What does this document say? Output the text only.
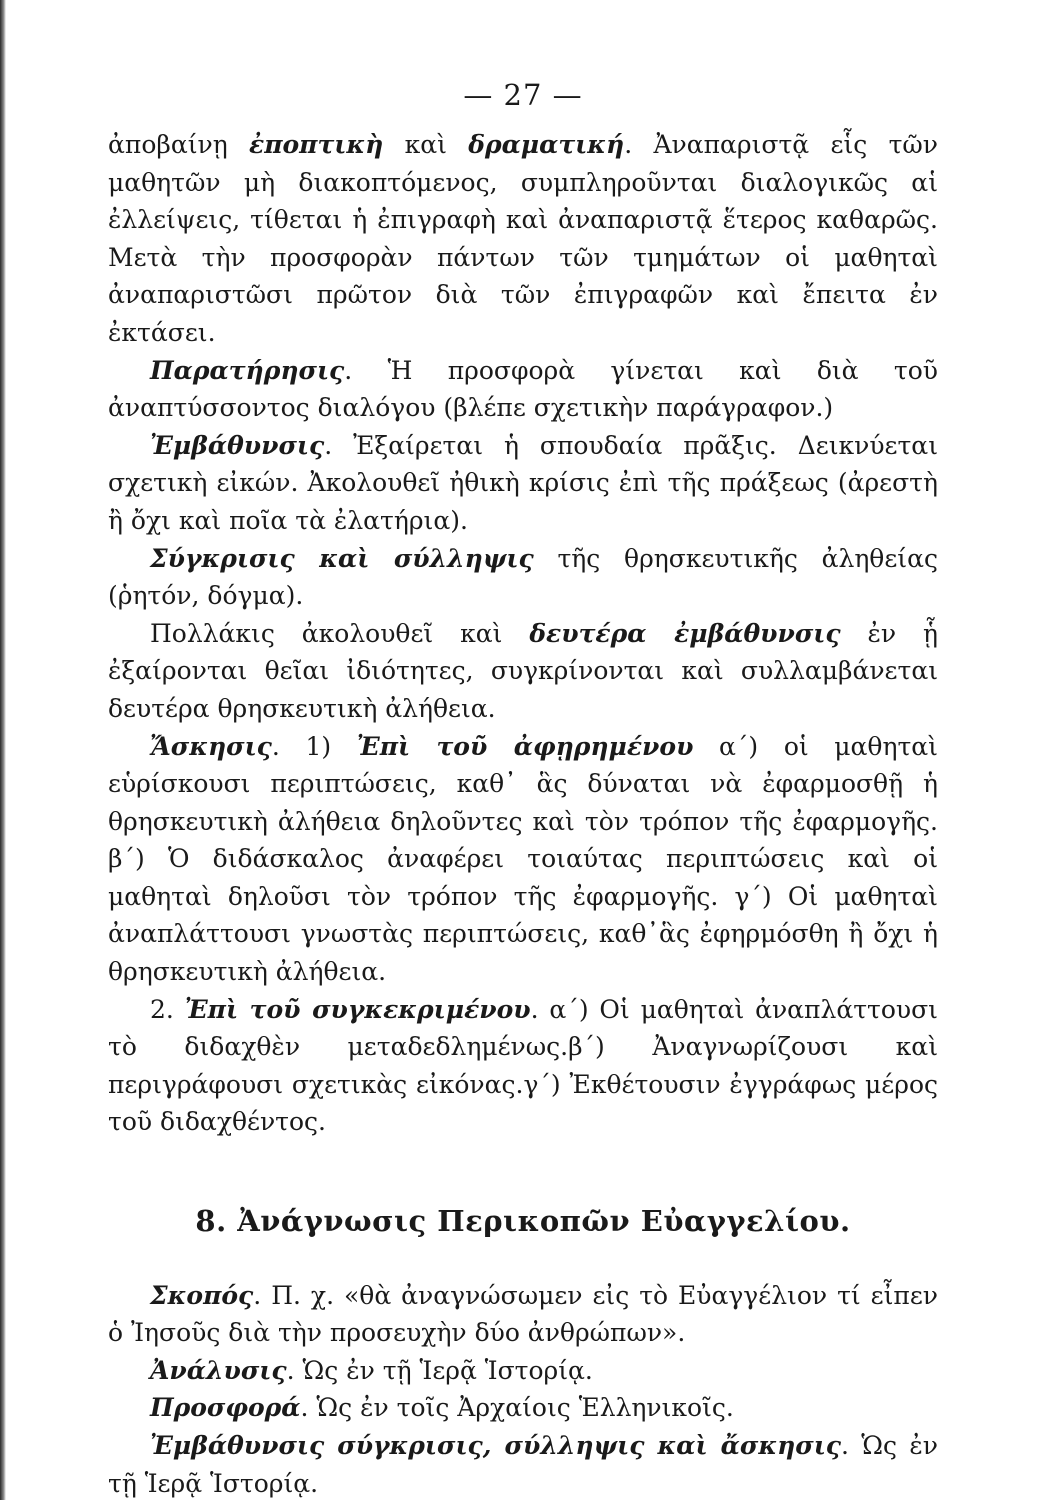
— 27 —

ἀποβαίνῃ ἐποπτικὴ καὶ δραματική. Ἀναπαριστᾷ εἷς τῶν μαθητῶν μὴ διακοπτόμενος, συμπληροῦνται διαλογικῶς αἱ ἐλλείψεις, τίθεται ἡ ἐπιγραφὴ καὶ ἀναπαριστᾷ ἕτερος καθαρῶς. Μετὰ τὴν προσφορὰν πάντων τῶν τμημάτων οἱ μαθηταὶ ἀναπαριστῶσι πρῶτον διὰ τῶν ἐπιγραφῶν καὶ ἔπειτα ἐν ἐκτάσει.

Παρατήρησις. Ἡ προσφορὰ γίνεται καὶ διὰ τοῦ ἀναπτύσσοντος διαλόγου (βλέπε σχετικὴν παράγραφον.)

Ἐμβάθυνσις. Ἐξαίρεται ἡ σπουδαία πρᾶξις. Δεικνύεται σχετικὴ εἰκών. Ἀκολουθεῖ ἠθικὴ κρίσις ἐπὶ τῆς πράξεως (ἀρεστὴ ἢ ὄχι καὶ ποῖα τὰ ἐλατήρια).

Σύγκρισις καὶ σύλληψις τῆς θρησκευτικῆς ἀληθείας (ῥητόν, δόγμα).

Πολλάκις ἀκολουθεῖ καὶ δευτέρα ἐμβάθυνσις ἐν ᾗ ἐξαίρονται θεῖαι ἰδιότητες, συγκρίνονται καὶ συλλαμβάνεται δευτέρα θρησκευτικὴ ἀλήθεια.

Ἄσκησις. 1) Ἐπὶ τοῦ ἀφῃρημένου α΄) οἱ μαθηταὶ εὑρίσκουσι περιπτώσεις, καθ᾽ ἃς δύναται νὰ ἐφαρμοσθῇ ἡ θρησκευτικὴ ἀλήθεια δηλοῦντες καὶ τὸν τρόπον τῆς ἐφαρμογῆς. β΄) Ὁ διδάσκαλος ἀναφέρει τοιαύτας περιπτώσεις καὶ οἱ μαθηταὶ δηλοῦσι τὸν τρόπον τῆς ἐφαρμογῆς. γ΄) Οἱ μαθηταὶ ἀναπλάττουσι γνωστὰς περιπτώσεις, καθ᾽ἃς ἐφηρμόσθη ἢ ὄχι ἡ θρησκευτικὴ ἀλήθεια.

2. Ἐπὶ τοῦ συγκεκριμένου. α΄) Οἱ μαθηταὶ ἀναπλάττουσι τὸ διδαχθὲν μεταδεδλημένως.β΄) Ἀναγνωρίζουσι καὶ περιγράφουσι σχετικὰς εἰκόνας.γ΄) Ἐκθέτουσιν ἐγγράφως μέρος τοῦ διδαχθέντος.

8. Ἀνάγνωσις Περικοπῶν Εὐαγγελίου.

Σκοπός. Π. χ. «θὰ ἀναγνώσωμεν εἰς τὸ Εὐαγγέλιον τί εἶπεν ὁ Ἰησοῦς διὰ τὴν προσευχὴν δύο ἀνθρώπων».

Ἀνάλυσις. Ὡς ἐν τῇ Ἱερᾷ Ἱστορίᾳ.

Προσφορά. Ὡς ἐν τοῖς Ἀρχαίοις Ἑλληνικοῖς.

Ἐμβάθυνσις σύγκρισις, σύλληψις καὶ ἄσκησις. Ὡς ἐν τῇ Ἱερᾷ Ἱστορίᾳ.
